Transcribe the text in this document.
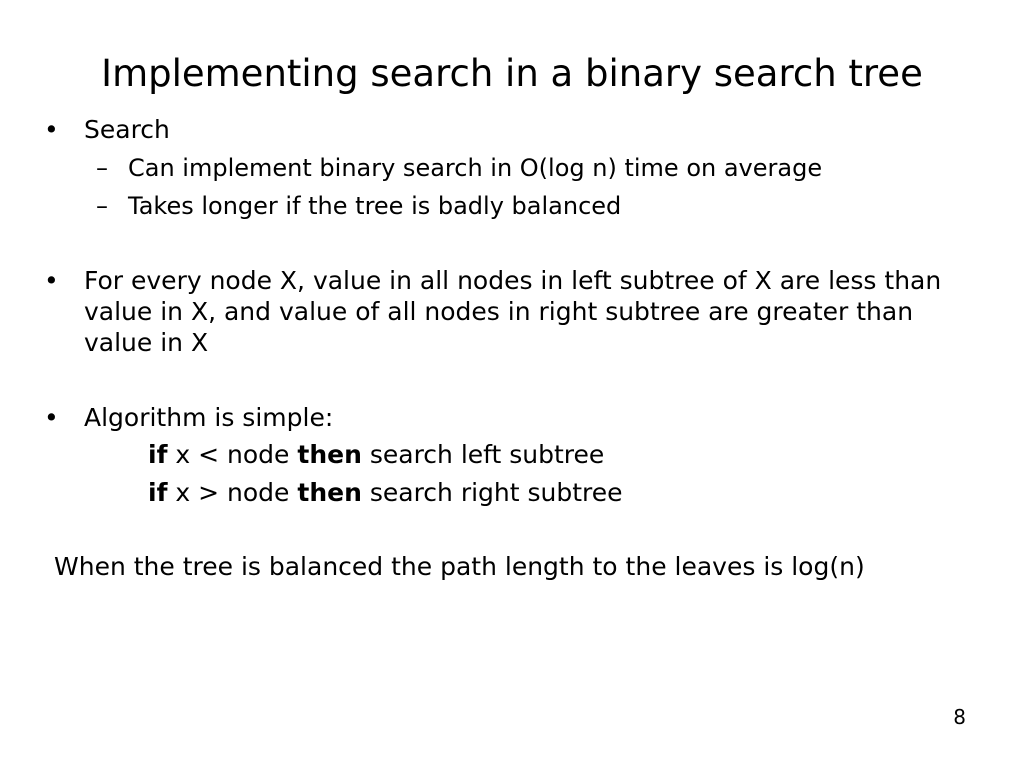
Implementing search in a binary search tree
• Search
– Can implement binary search in O(log n) time on average
– Takes longer if the tree is badly balanced
• For every node X, value in all nodes in left subtree of X are less than value in X, and value of all nodes in right subtree are greater than value in X
• Algorithm is simple:
if x < node then search left subtree
if x > node then search right subtree
When the tree is balanced the path length to the leaves is log(n)
8
